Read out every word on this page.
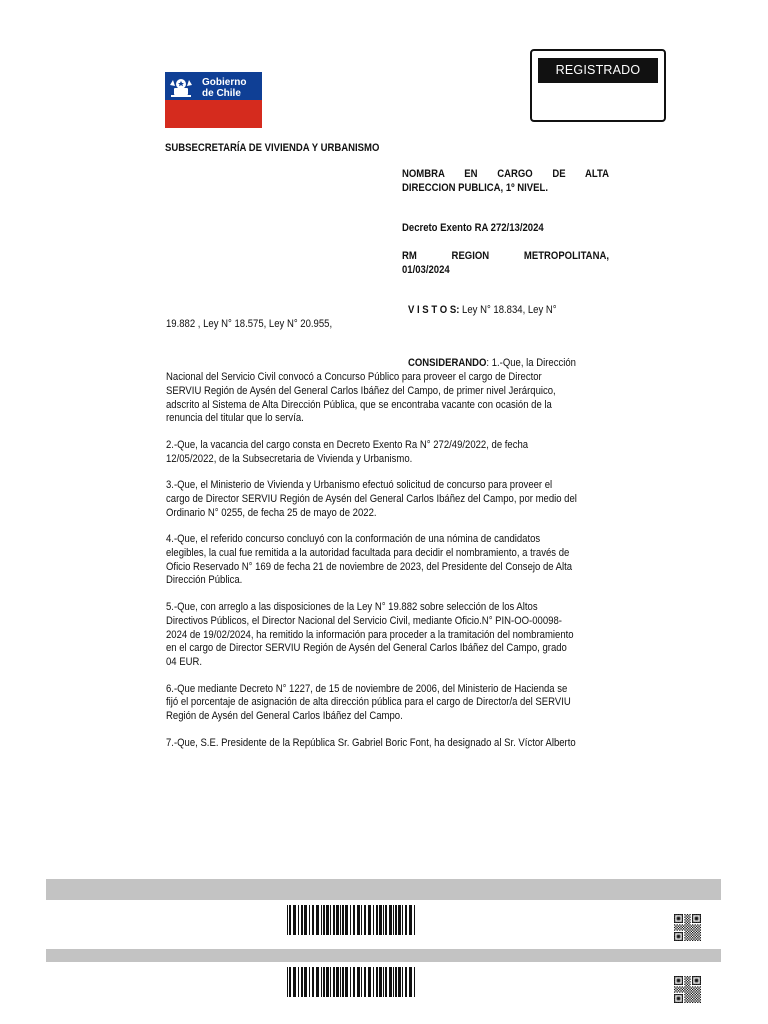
Gobierno
de Chile
REGISTRADO
SUBSECRETARÍA DE VIVIENDA Y URBANISMO
NOMBRA EN CARGO DE ALTA
DIRECCION PUBLICA, 1º NIVEL.
Decreto Exento RA 272/13/2024
RM REGION METROPOLITANA,
01/03/2024
V I S T O S: Ley N° 18.834, Ley N°
19.882 , Ley N° 18.575, Ley N° 20.955,
CONSIDERANDO: 1.-Que, la Dirección
Nacional del Servicio Civil convocó a Concurso Público para proveer el cargo de Director
SERVIU Región de Aysén del General Carlos Ibáñez del Campo, de primer nivel Jerárquico,
adscrito al Sistema de Alta Dirección Pública, que se encontraba vacante con ocasión de la
renuncia del titular que lo servía.
2.-Que, la vacancia del cargo consta en Decreto Exento Ra N° 272/49/2022, de fecha
12/05/2022, de la Subsecretaria de Vivienda y Urbanismo.
3.-Que, el Ministerio de Vivienda y Urbanismo efectuó solicitud de concurso para proveer el
cargo de Director SERVIU Región de Aysén del General Carlos Ibáñez del Campo, por medio del
Ordinario N° 0255, de fecha 25 de mayo de 2022.
4.-Que, el referido concurso concluyó con la conformación de una nómina de candidatos
elegibles, la cual fue remitida a la autoridad facultada para decidir el nombramiento, a través de
Oficio Reservado N° 169 de fecha 21 de noviembre de 2023, del Presidente del Consejo de Alta
Dirección Pública.
5.-Que, con arreglo a las disposiciones de la Ley N° 19.882 sobre selección de los Altos
Directivos Públicos, el Director Nacional del Servicio Civil, mediante Oficio.N° PIN-OO-00098-
2024 de 19/02/2024, ha remitido la información para proceder a la tramitación del nombramiento
en el cargo de Director SERVIU Región de Aysén del General Carlos Ibáñez del Campo, grado
04 EUR.
6.-Que mediante Decreto N° 1227, de 15 de noviembre de 2006, del Ministerio de Hacienda se
fijó el porcentaje de asignación de alta dirección pública para el cargo de Director/a del SERVIU
Región de Aysén del General Carlos Ibáñez del Campo.
7.-Que, S.E. Presidente de la República Sr. Gabriel Boric Font, ha designado al Sr. Víctor Alberto
